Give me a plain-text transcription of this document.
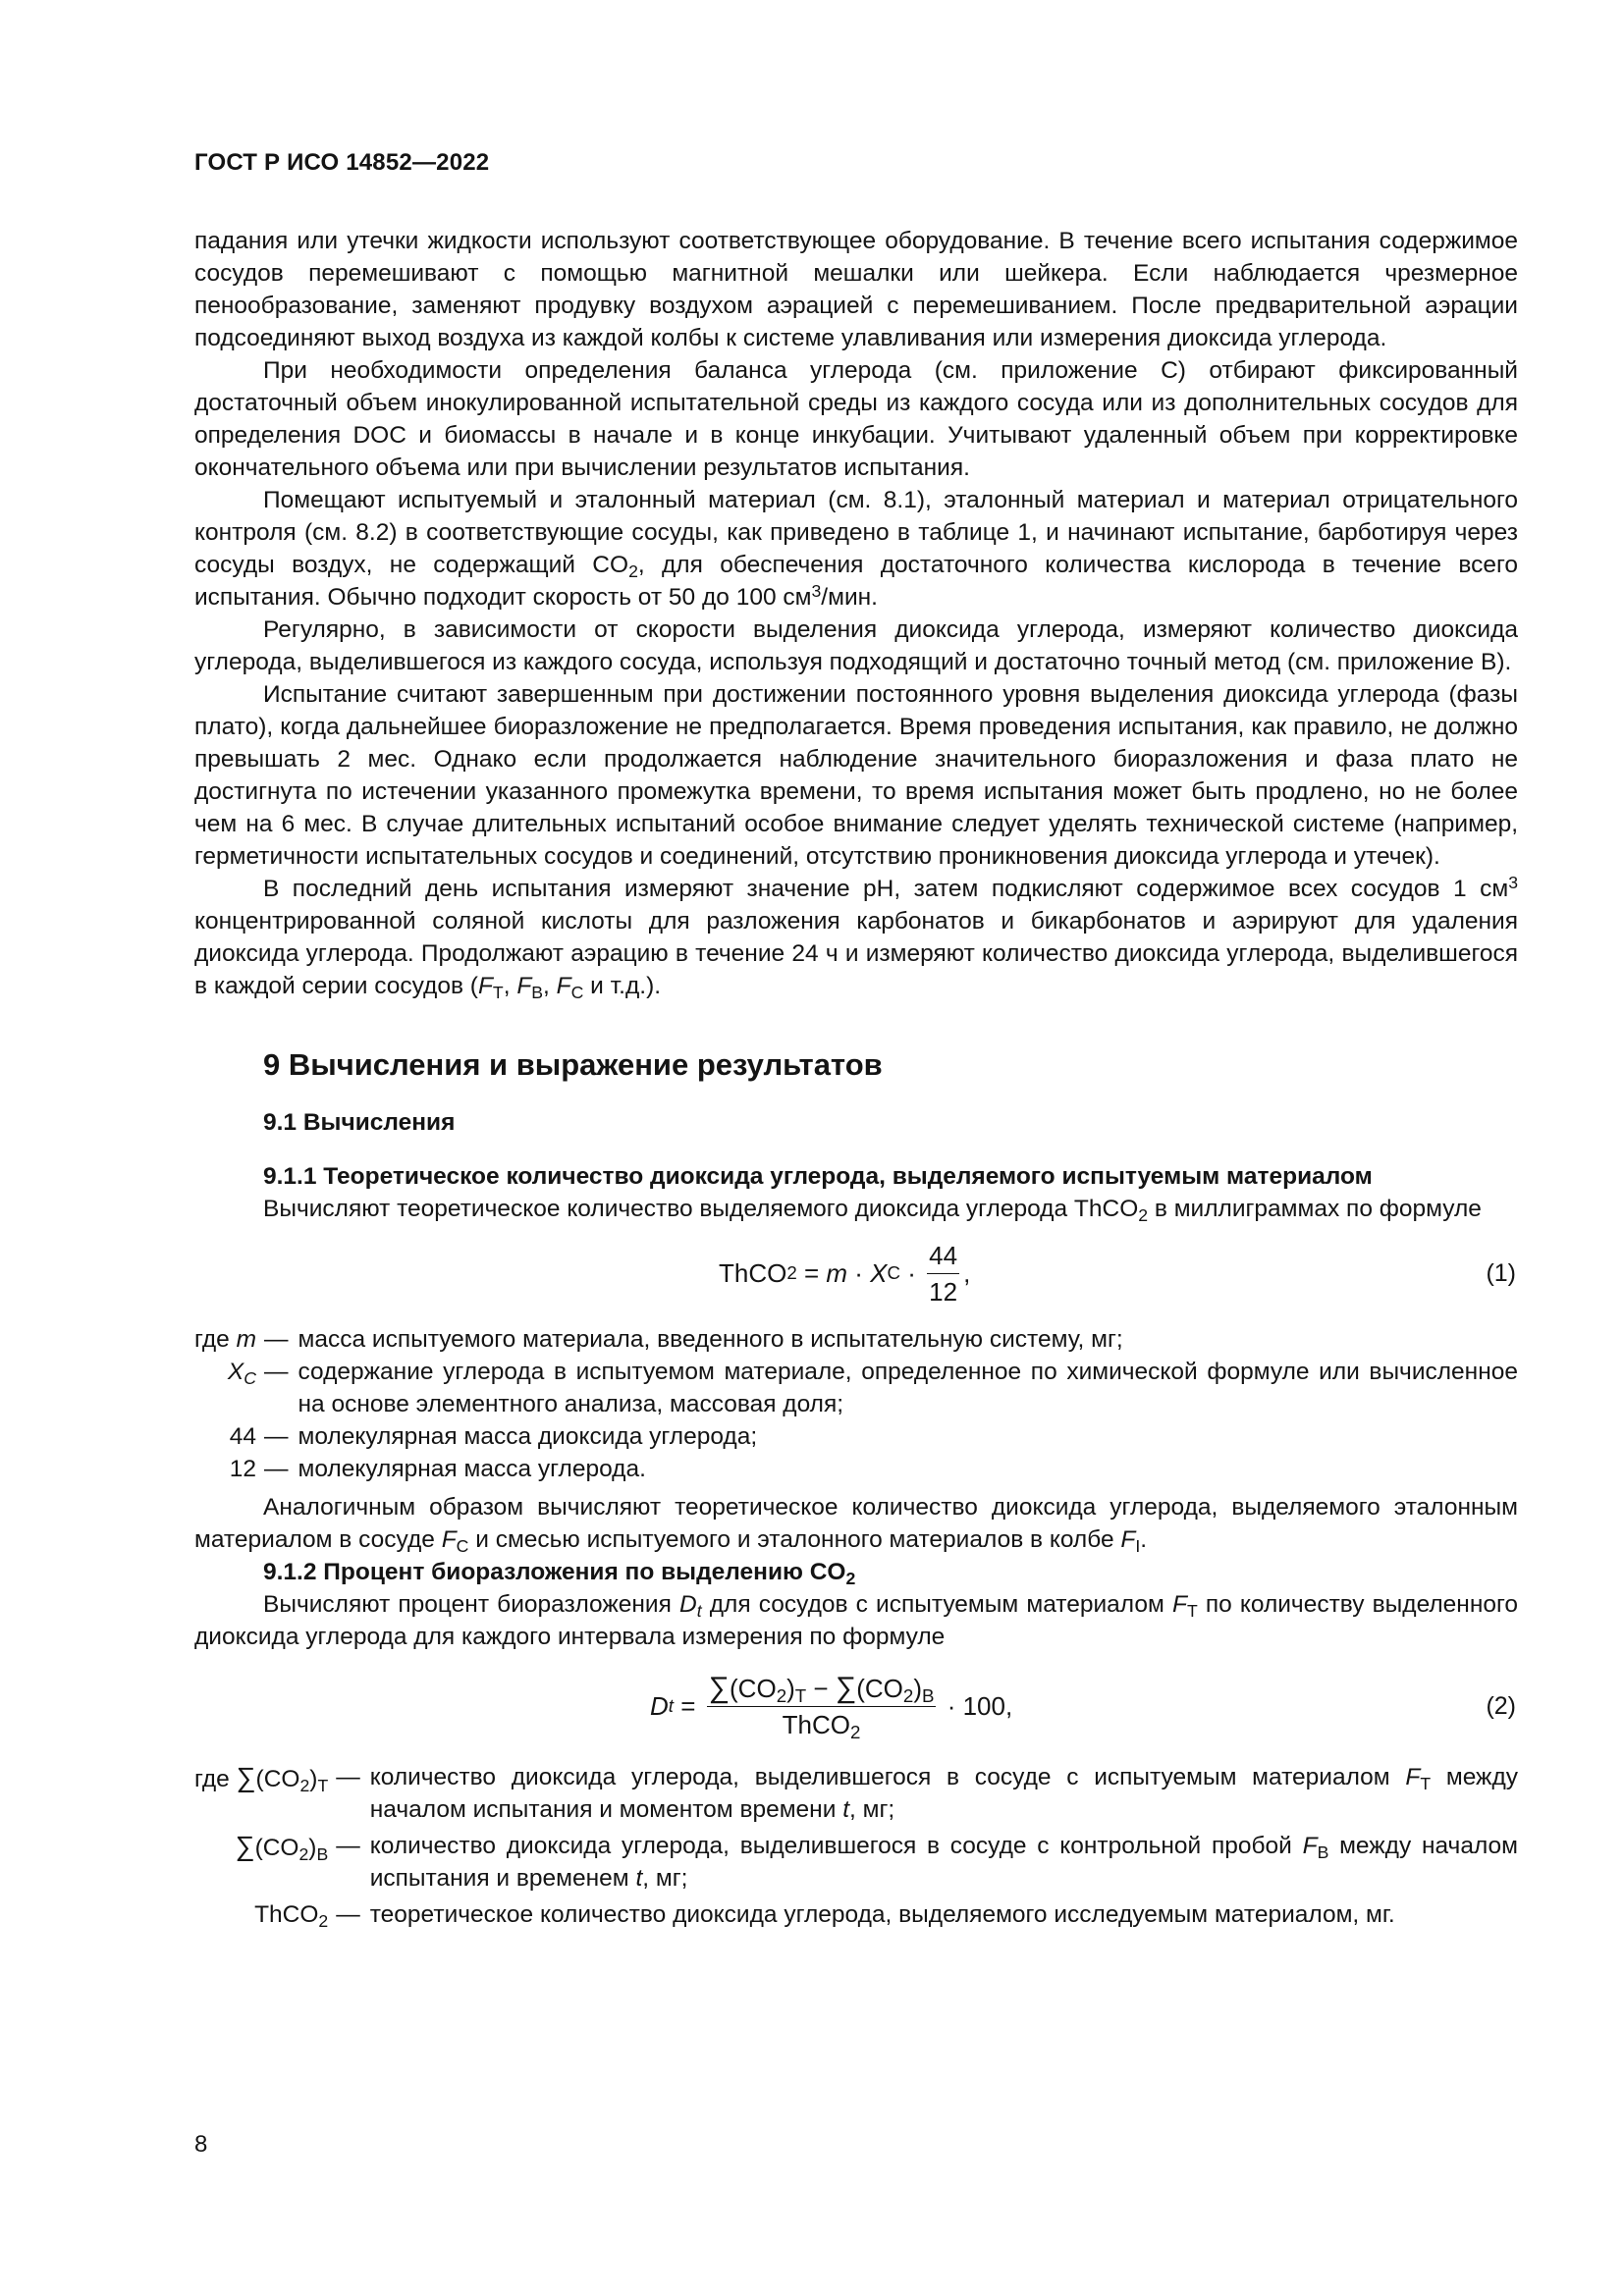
ГОСТ Р ИСО 14852—2022

падания или утечки жидкости используют соответствующее оборудование. В течение всего испытания содержимое сосудов перемешивают с помощью магнитной мешалки или шейкера. Если наблюдается чрезмерное пенообразование, заменяют продувку воздухом аэрацией с перемешиванием. После предварительной аэрации подсоединяют выход воздуха из каждой колбы к системе улавливания или измерения диоксида углерода.

При необходимости определения баланса углерода (см. приложение С) отбирают фиксированный достаточный объем инокулированной испытательной среды из каждого сосуда или из дополнительных сосудов для определения DOC и биомассы в начале и в конце инкубации. Учитывают удаленный объем при корректировке окончательного объема или при вычислении результатов испытания.

Помещают испытуемый и эталонный материал (см. 8.1), эталонный материал и материал отрицательного контроля (см. 8.2) в соответствующие сосуды, как приведено в таблице 1, и начинают испытание, барботируя через сосуды воздух, не содержащий $CO_2$, для обеспечения достаточного количества кислорода в течение всего испытания. Обычно подходит скорость от 50 до 100 $см^3$/мин.

Регулярно, в зависимости от скорости выделения диоксида углерода, измеряют количество диоксида углерода, выделившегося из каждого сосуда, используя подходящий и достаточно точный метод (см. приложение В).

Испытание считают завершенным при достижении постоянного уровня выделения диоксида углерода (фазы плато), когда дальнейшее биоразложение не предполагается. Время проведения испытания, как правило, не должно превышать 2 мес. Однако если продолжается наблюдение значительного биоразложения и фаза плато не достигнута по истечении указанного промежутка времени, то время испытания может быть продлено, но не более чем на 6 мес. В случае длительных испытаний особое внимание следует уделять технической системе (например, герметичности испытательных сосудов и соединений, отсутствию проникновения диоксида углерода и утечек).

В последний день испытания измеряют значение рН, затем подкисляют содержимое всех сосудов 1 $см^3$ концентрированной соляной кислоты для разложения карбонатов и бикарбонатов и аэрируют для удаления диоксида углерода. Продолжают аэрацию в течение 24 ч и измеряют количество диоксида углерода, выделившегося в каждой серии сосудов ($F_T$, $F_B$, $F_C$ и т.д.).

9 Вычисления и выражение результатов
9.1 Вычисления
9.1.1 Теоретическое количество диоксида углерода, выделяемого испытуемым материалом

Вычисляют теоретическое количество выделяемого диоксида углерода ThCO$_2$ в миллиграммах по формуле

ThCO 2 = m · X $C \cdot \frac{44}{12}$ ,	(1)
где m	—	масса испытуемого материала, введенного в испытательную систему, мг;
$X_C$	—	содержание углерода в испытуемом материале, определенное по химической формуле или вычисленное на основе элементного анализа, массовая доля;
44	—	молекулярная масса диоксида углерода;
12	—	молекулярная масса углерода.

Аналогичным образом вычисляют теоретическое количество диоксида углерода, выделяемого эталонным материалом в сосуде $F_C$ и смесью испытуемого и эталонного материалов в колбе $F_I$.

9.1.2 Процент биоразложения по выделению $CO_2$

Вычисляют процент биоразложения $D_t$ для сосудов с испытуемым материалом $F_T$ по количеству выделенного диоксида углерода для каждого интервала измерения по формуле

D $t = \frac{\sum(CO_2)_T - \sum(CO_2)_B}{ThCO_2} \cdot 100$,	(2)
где $\sum(CO_2)_T$	—	количество диоксида углерода, выделившегося в сосуде с испытуемым материалом $F_T$ между началом испытания и моментом времени t, мг;
$\sum(CO_2)_B$	—	количество диоксида углерода, выделившегося в сосуде с контрольной пробой $F_B$ между началом испытания и временем t, мг;
ThCO$_2$	—	теоретическое количество диоксида углерода, выделяемого исследуемым материалом, мг.
8
